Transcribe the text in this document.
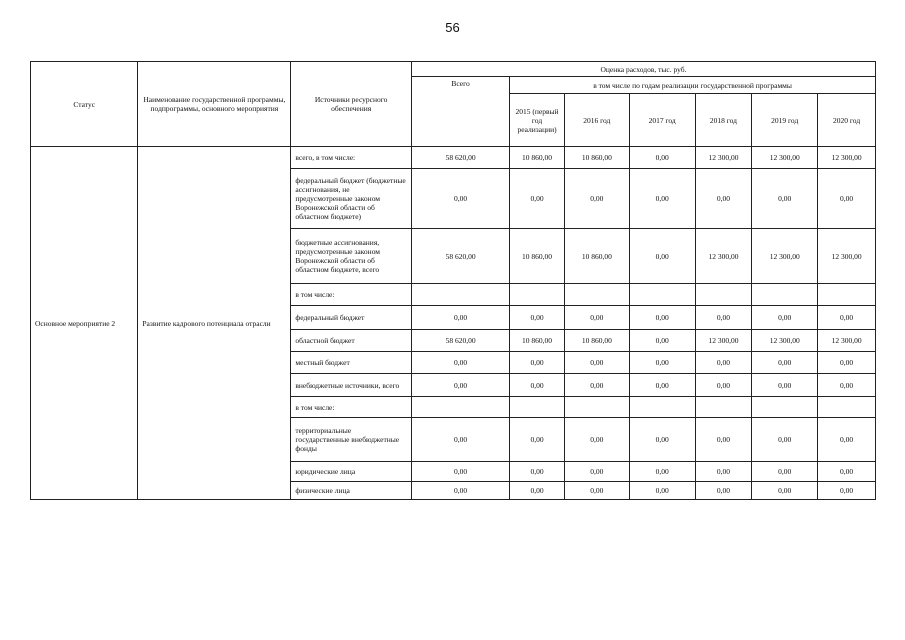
56
Статус	Наименование государственной программы, подпрограммы, основного мероприятия	Источники ресурсного обеспечения	Оценка расходов, тыс. руб.						
			Всего	в том числе по годам реализации государственной программы					
				2015 (первый год реализации)	2016 год	2017 год	2018 год	2019 год	2020 год
Основное мероприятие 2	Развитие кадрового потенциала отрасли	всего, в том числе:	58 620,00	10 860,00	10 860,00	0,00	12 300,00	12 300,00	12 300,00
		федеральный бюджет (бюджетные ассигнования, не предусмотренные законом Воронежской области об областном бюджете)	0,00	0,00	0,00	0,00	0,00	0,00	0,00
		бюджетные ассигнования, предусмотренные законом Воронежской области об областном бюджете, всего	58 620,00	10 860,00	10 860,00	0,00	12 300,00	12 300,00	12 300,00
		в том числе:							
		федеральный бюджет	0,00	0,00	0,00	0,00	0,00	0,00	0,00
		областной бюджет	58 620,00	10 860,00	10 860,00	0,00	12 300,00	12 300,00	12 300,00
		местный бюджет	0,00	0,00	0,00	0,00	0,00	0,00	0,00
		внебюджетные источники, всего	0,00	0,00	0,00	0,00	0,00	0,00	0,00
		в том числе:							
		территориальные государственные внебюджетные фонды	0,00	0,00	0,00	0,00	0,00	0,00	0,00
		юридические лица	0,00	0,00	0,00	0,00	0,00	0,00	0,00
		физические лица	0,00	0,00	0,00	0,00	0,00	0,00	0,00
